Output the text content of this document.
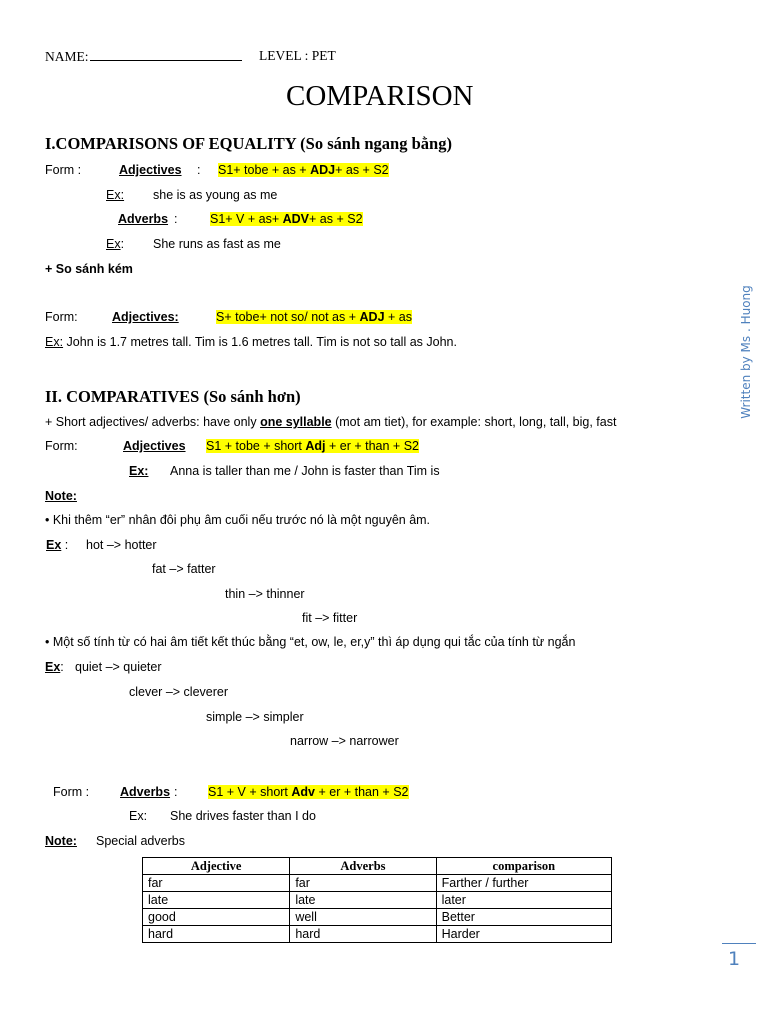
NAME:	LEVEL : PET
COMPARISON
I.COMPARISONS OF EQUALITY (So sánh ngang bằng)
Form :	Adjectives : S1+ tobe + as + ADJ+ as + S2
Ex: she is as young as me
Adverbs :	S1+ V + as+ ADV+ as + S2
Ex: She runs as fast as me
+ So sánh kém
Form:	Adjectives:	S+ tobe+ not so/ not as + ADJ + as
Ex: John is 1.7 metres tall. Tim is 1.6 metres tall. Tim is not so tall as John.
II. COMPARATIVES (So sánh hơn)
+ Short adjectives/ adverbs: have only one syllable (mot am tiet), for example: short, long, tall, big, fast
Form:	Adjectives S1 + tobe + short Adj + er + than + S2
Ex: Anna is taller than me / John is faster than Tim is
Note:
• Khi thêm “er” nhân đôi phụ âm cuối nếu trước nó là một nguyên âm.
Ex : hot –> hotter
fat –> fatter
thin –> thinner
fit –> fitter
• Một số tính từ có hai âm tiết kết thúc bằng “et, ow, le, er,y” thì áp dụng qui tắc của tính từ ngắn
Ex: quiet –> quieter
clever –> cleverer
simple –> simpler
narrow –> narrower
Form : Adverbs : S1 + V + short Adv + er + than + S2
Ex: She drives faster than I do
Note: Special adverbs
Adjective	Adverbs	comparison
far	far	Farther / further
late	late	later
good	well	Better
hard	hard	Harder
Written by Ms . Huong
1
